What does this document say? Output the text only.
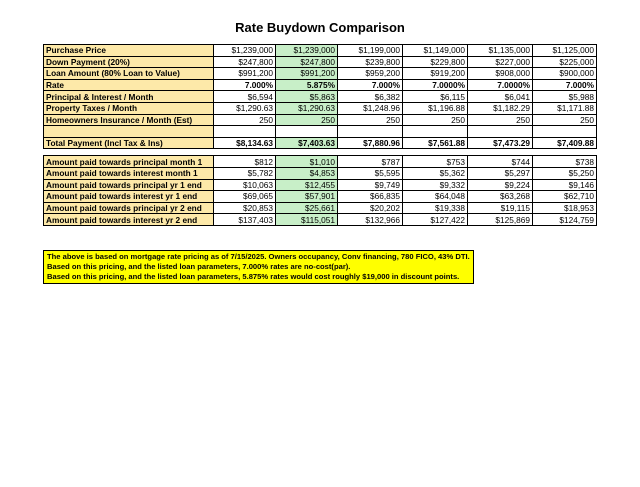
Rate Buydown Comparison
Purchase Price	$1,239,000	$1,239,000	$1,199,000	$1,149,000	$1,135,000	$1,125,000
Down Payment (20%)	$247,800	$247,800	$239,800	$229,800	$227,000	$225,000
Loan Amount (80% Loan to Value)	$991,200	$991,200	$959,200	$919,200	$908,000	$900,000
Rate	7.000%	5.875%	7.000%	7.0000%	7.0000%	7.000%
Principal & Interest / Month	$6,594	$5,863	$6,382	$6,115	$6,041	$5,988
Property Taxes / Month	$1,290.63	$1,290.63	$1,248.96	$1,196.88	$1,182.29	$1,171.88
Homeowners Insurance / Month (Est)	250	250	250	250	250	250

Total Payment (Incl Tax & Ins)	$8,134.63	$7,403.63	$7,880.96	$7,561.88	$7,473.29	$7,409.88

Amount paid towards principal month 1	$812	$1,010	$787	$753	$744	$738
Amount paid towards interest month 1	$5,782	$4,853	$5,595	$5,362	$5,297	$5,250
Amount paid towards principal yr 1 end	$10,063	$12,455	$9,749	$9,332	$9,224	$9,146
Amount paid towards interest yr 1 end	$69,065	$57,901	$66,835	$64,048	$63,268	$62,710
Amount paid towards principal yr 2 end	$20,853	$25,661	$20,202	$19,338	$19,115	$18,953
Amount paid towards interest yr 2 end	$137,403	$115,051	$132,966	$127,422	$125,869	$124,759
The above is based on mortgage rate pricing as of 7/15/2025. Owners occupancy, Conv financing, 780 FICO, 43% DTI.
Based on this pricing, and the listed loan parameters, 7.000% rates are no-cost(par).
Based on this pricing, and the listed loan parameters, 5.875% rates would cost roughly $19,000 in discount points.
